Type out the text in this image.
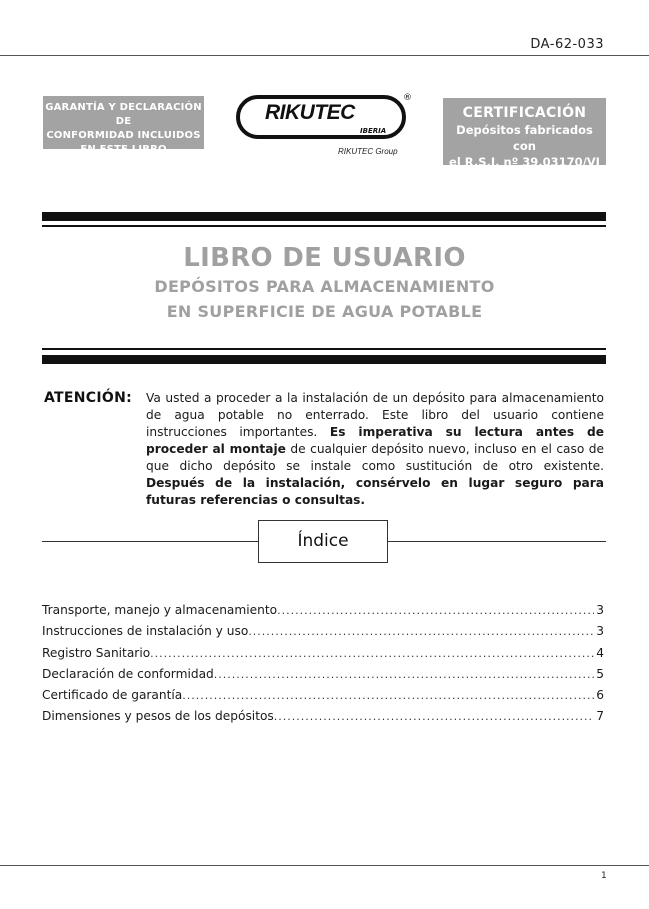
DA-62-033
GARANTÍA Y DECLARACIÓN DE
CONFORMIDAD INCLUIDOS
EN ESTE LIBRO
RIKUTEC
IBERIA
®
RIKUTEC Group
CERTIFICACIÓN
Depósitos fabricados con
el R.S.I. nº 39.03170/VI
LIBRO DE USUARIO
DEPÓSITOS PARA ALMACENAMIENTO
EN SUPERFICIE DE AGUA POTABLE
ATENCIÓN: Va usted a proceder a la instalación de un depósito para almacenamiento de agua potable no enterrado. Este libro del usuario contiene instrucciones importantes. Es imperativa su lectura antes de proceder al montaje de cualquier depósito nuevo, incluso en el caso de que dicho depósito se instale como sustitución de otro existente. Después de la instalación, consérvelo en lugar seguro para futuras referencias o consultas.
Índice
Transporte, manejo y almacenamiento .....	3
Instrucciones de instalación y uso .....	3
Registro Sanitario .....	4
Declaración de conformidad .....	5
Certificado de garantía .....	6
Dimensiones y pesos de los depósitos .....	7
1
